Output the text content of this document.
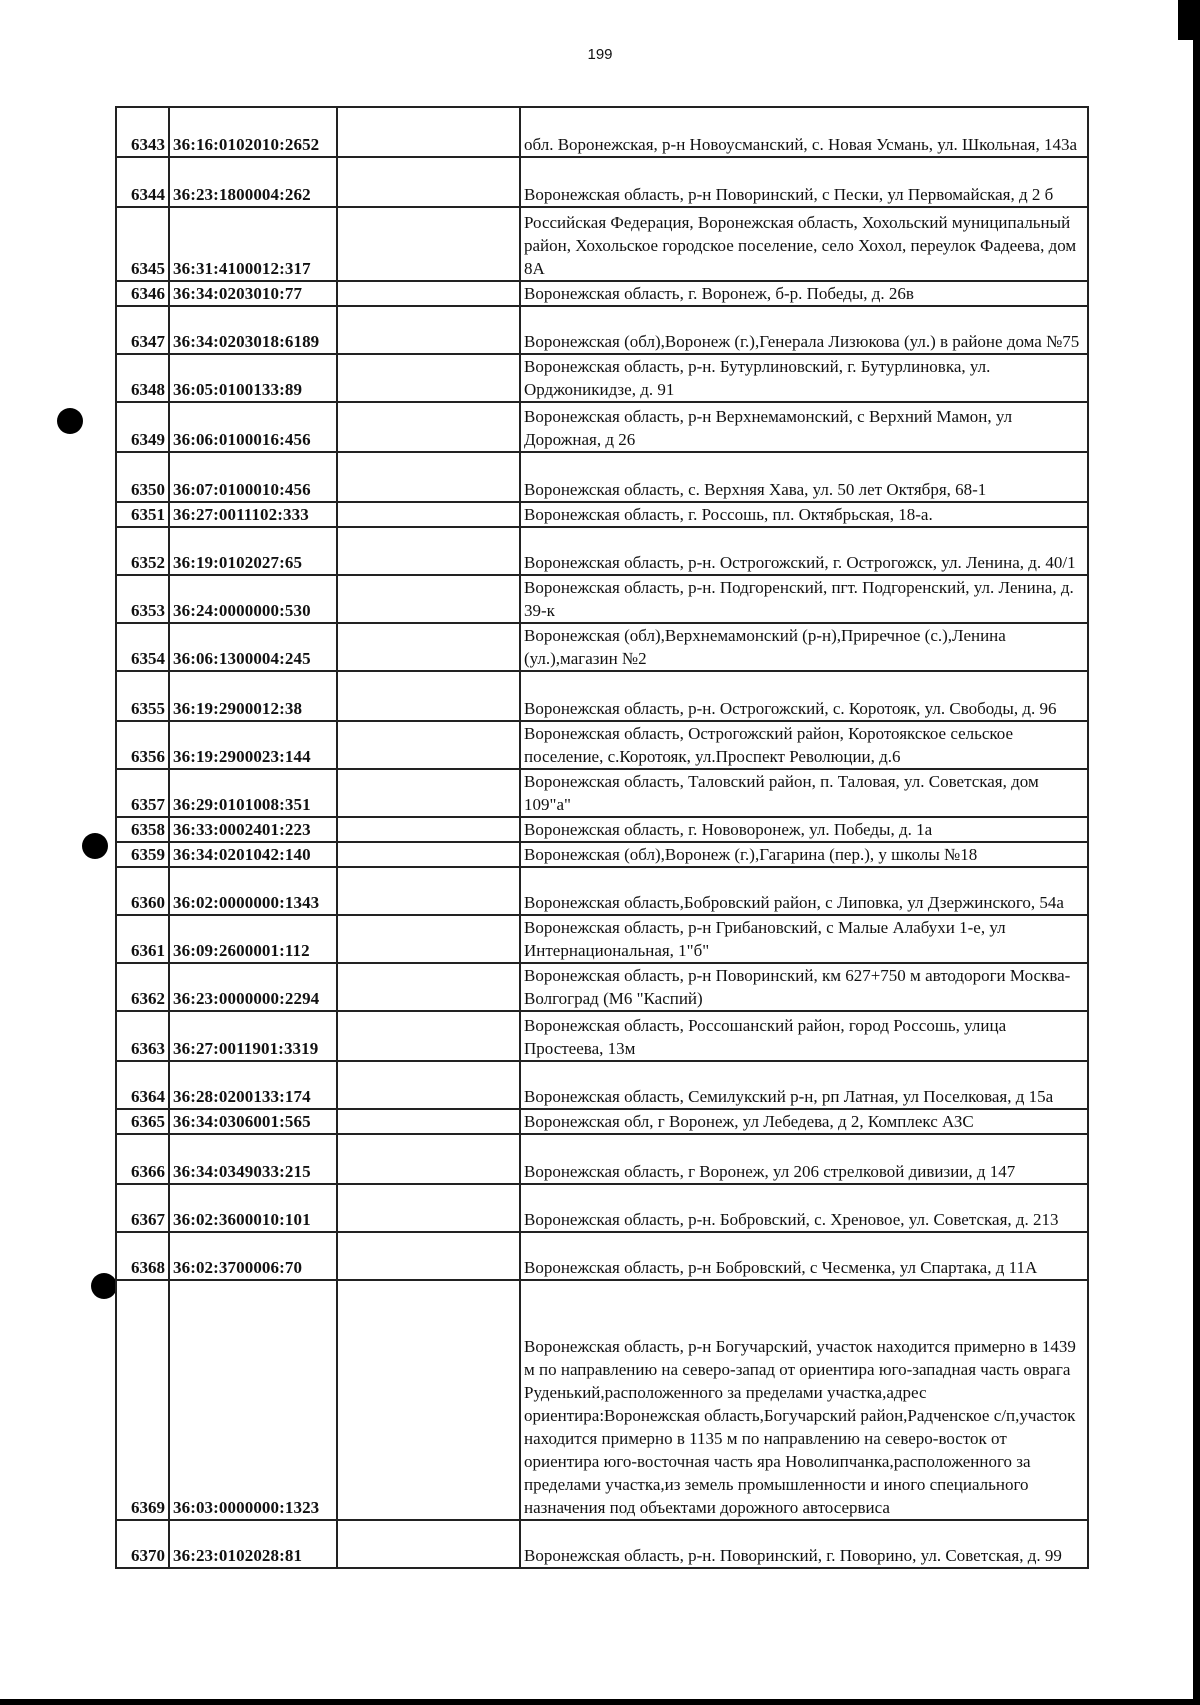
199
6343	36:16:0102010:2652		обл. Воронежская, р-н Новоусманский, с. Новая Усмань, ул. Школьная, 143а
6344	36:23:1800004:262		Воронежская область, р-н Поворинский, с Пески, ул Первомайская, д 2 б
6345	36:31:4100012:317		Российская Федерация, Воронежская область, Хохольский муниципальный район, Хохольское городское поселение, село Хохол, переулок Фадеева, дом 8А
6346	36:34:0203010:77		Воронежская область, г. Воронеж, б-р. Победы, д. 26в
6347	36:34:0203018:6189		Воронежская (обл),Воронеж (г.),Генерала Лизюкова (ул.) в районе дома №75
6348	36:05:0100133:89		Воронежская область, р-н. Бутурлиновский, г. Бутурлиновка, ул. Орджоникидзе, д. 91
6349	36:06:0100016:456		Воронежская область, р-н Верхнемамонский, с Верхний Мамон, ул Дорожная, д 26
6350	36:07:0100010:456		Воронежская область, с. Верхняя Хава, ул. 50 лет Октября, 68-1
6351	36:27:0011102:333		Воронежская область, г. Россошь, пл. Октябрьская, 18-а.
6352	36:19:0102027:65		Воронежская область, р-н. Острогожский, г. Острогожск, ул. Ленина, д. 40/1
6353	36:24:0000000:530		Воронежская область, р-н. Подгоренский, пгт. Подгоренский, ул. Ленина, д. 39-к
6354	36:06:1300004:245		Воронежская (обл),Верхнемамонский (р-н),Приречное (с.),Ленина (ул.),магазин №2
6355	36:19:2900012:38		Воронежская область, р-н. Острогожский, с. Коротояк, ул. Свободы, д. 96
6356	36:19:2900023:144		Воронежская область, Острогожский район, Коротоякское сельское поселение, с.Коротояк, ул.Проспект Революции, д.6
6357	36:29:0101008:351		Воронежская область, Таловский район, п. Таловая, ул. Советская, дом 109"а"
6358	36:33:0002401:223		Воронежская область, г. Нововоронеж, ул. Победы, д. 1а
6359	36:34:0201042:140		Воронежская (обл),Воронеж (г.),Гагарина (пер.), у школы №18
6360	36:02:0000000:1343		Воронежская область,Бобровский район, с Липовка, ул Дзержинского, 54а
6361	36:09:2600001:112		Воронежская область, р-н Грибановский, с Малые Алабухи 1-е, ул Интернациональная, 1"б"
6362	36:23:0000000:2294		Воронежская область, р-н Поворинский, км 627+750 м автодороги Москва-Волгоград (М6 "Каспий)
6363	36:27:0011901:3319		Воронежская область, Россошанский район, город Россошь, улица Простеева, 13м
6364	36:28:0200133:174		Воронежская область, Семилукский р-н, рп Латная, ул Поселковая, д 15а
6365	36:34:0306001:565		Воронежская обл, г Воронеж, ул Лебедева, д 2, Комплекс АЗС
6366	36:34:0349033:215		Воронежская область, г Воронеж, ул 206 стрелковой дивизии, д 147
6367	36:02:3600010:101		Воронежская область, р-н. Бобровский, с. Хреновое, ул. Советская, д. 213
6368	36:02:3700006:70		Воронежская область, р-н Бобровский, с Чесменка, ул Спартака, д 11А
6369	36:03:0000000:1323		Воронежская область, р-н Богучарский, участок находится примерно в 1439 м по направлению на северо-запад от ориентира юго-западная часть оврага Руденький,расположенного за пределами участка,адрес ориентира:Воронежская область,Богучарский район,Радченское с/п,участок находится примерно в 1135 м по направлению на северо-восток от ориентира юго-восточная часть яра Новолипчанка,расположенного за пределами участка,из земель промышленности и иного специального назначения под объектами дорожного автосервиса
6370	36:23:0102028:81		Воронежская область, р-н. Поворинский, г. Поворино, ул. Советская, д. 99
